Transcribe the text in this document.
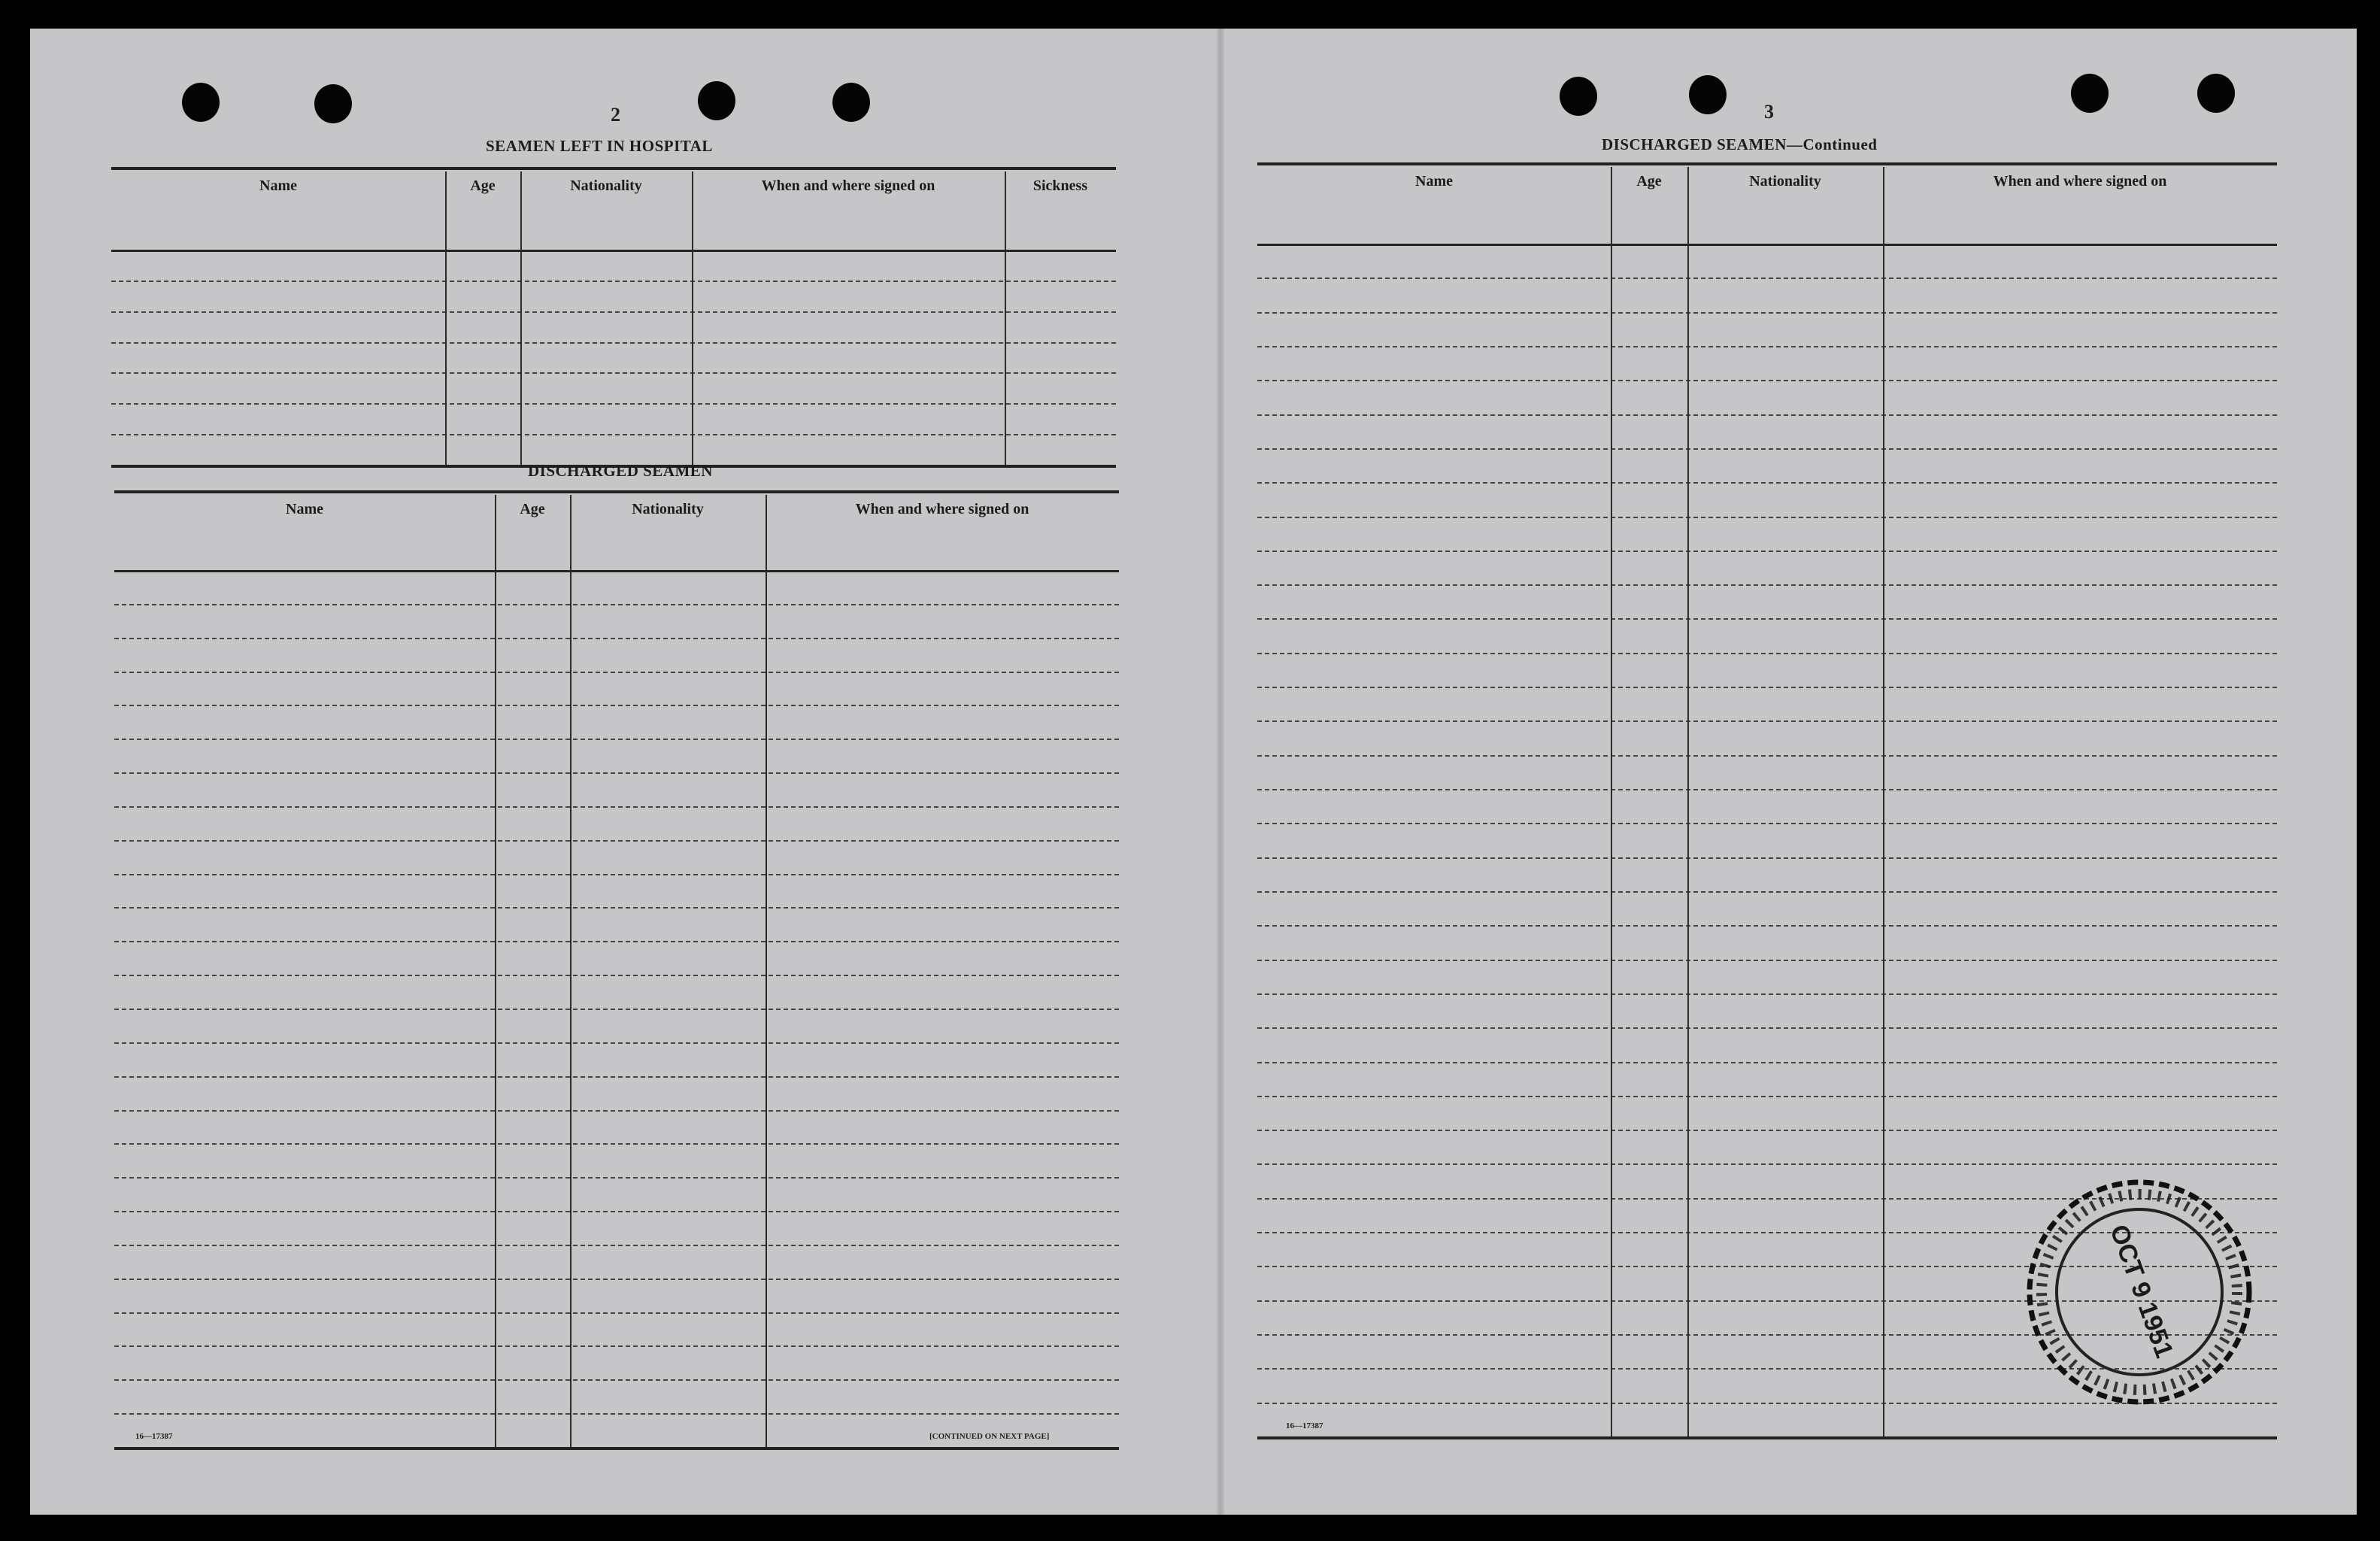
2
SEAMEN LEFT IN HOSPITAL
Name	Age	Nationality	When and where signed on	Sickness
DISCHARGED SEAMEN
Name	Age	Nationality	When and where signed on
16—17387	[CONTINUED ON NEXT PAGE]
3
DISCHARGED SEAMEN—Continued
Name	Age	Nationality	When and where signed on
16—17387
OCT 9 1951
